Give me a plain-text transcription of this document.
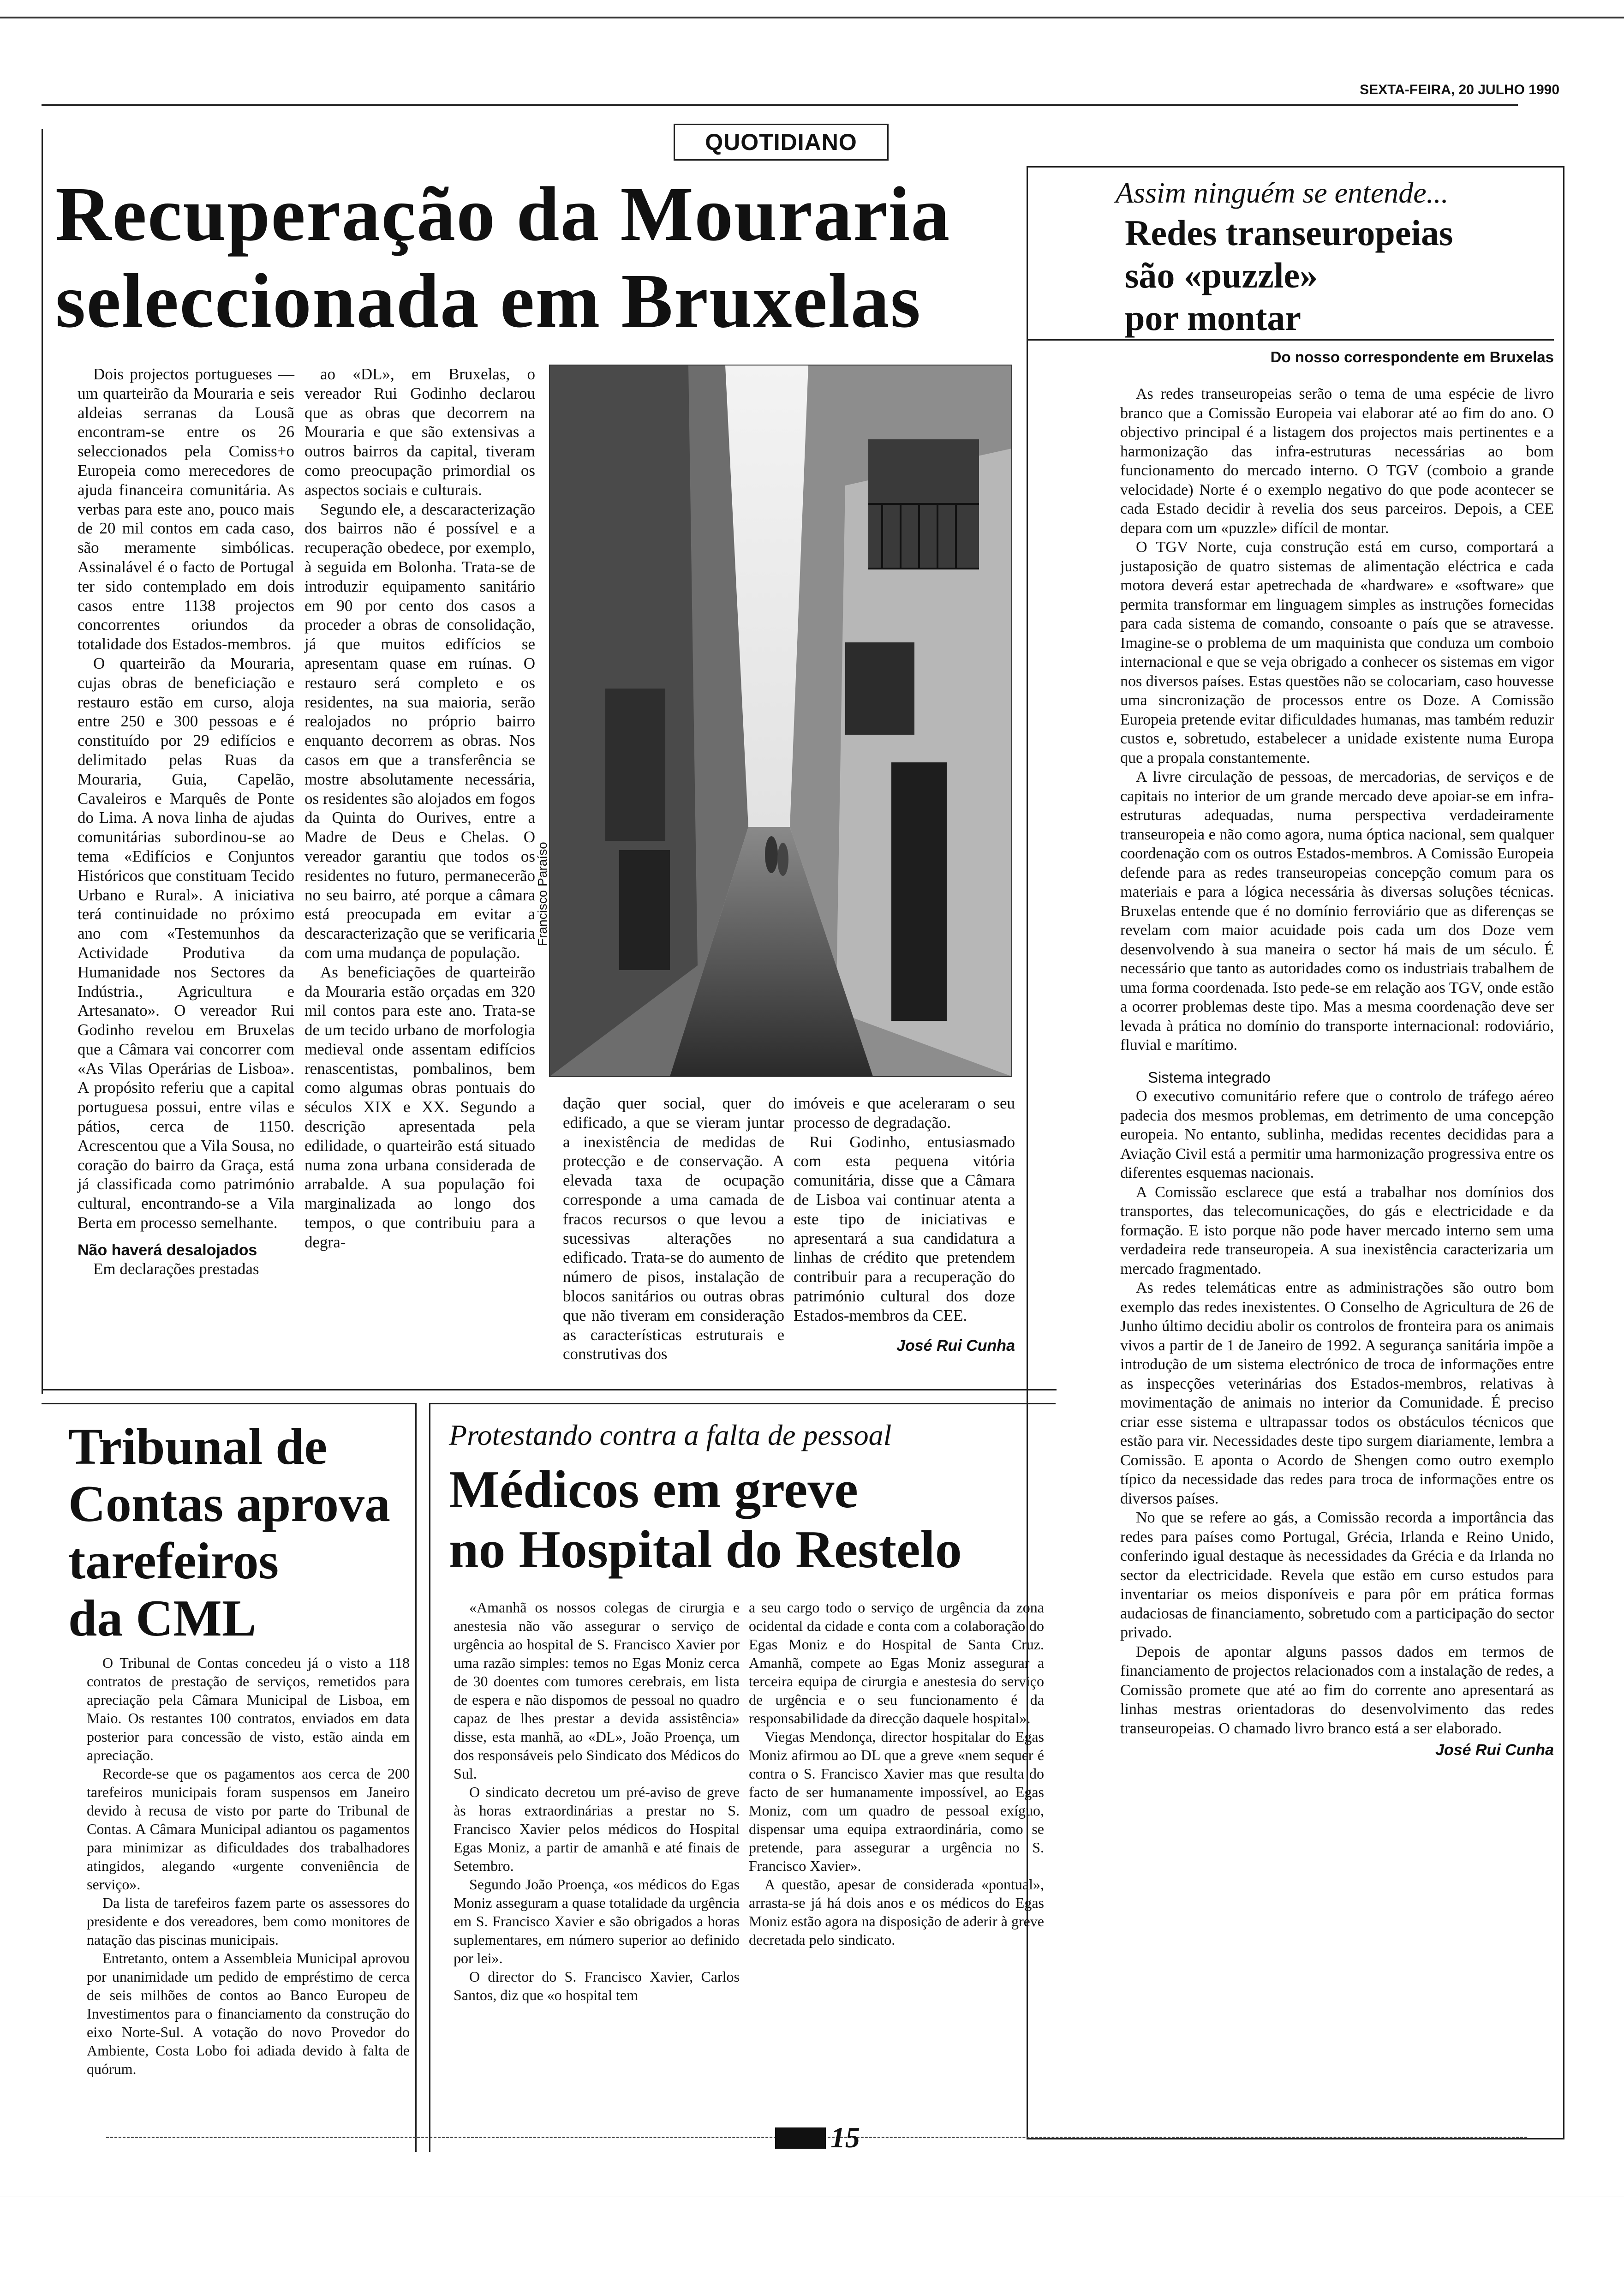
SEXTA-FEIRA, 20 JULHO 1990
QUOTIDIANO
Recuperação da Mouraria
seleccionada em Bruxelas

Dois projectos portugueses — um quarteirão da Mouraria e seis aldeias serranas da Lousã encontram-se entre os 26 seleccionados pela Comiss+o Europeia como merecedores de ajuda financeira comunitária. As verbas para este ano, pouco mais de 20 mil contos em cada caso, são meramente simbólicas. Assinalável é o facto de Portugal ter sido contemplado em dois casos entre 1138 projectos concorrentes oriundos da totalidade dos Estados-membros.

O quarteirão da Mouraria, cujas obras de beneficiação e restauro estão em curso, aloja entre 250 e 300 pessoas e é constituído por 29 edifícios e delimitado pelas Ruas da Mouraria, Guia, Capelão, Cavaleiros e Marquês de Ponte do Lima. A nova linha de ajudas comunitárias subordinou-se ao tema «Edifícios e Conjuntos Históricos que constituam Tecido Urbano e Rural». A iniciativa terá continuidade no próximo ano com «Testemunhos da Actividade Produtiva da Humanidade nos Sectores da Indústria., Agricultura e Artesanato». O vereador Rui Godinho revelou em Bruxelas que a Câmara vai concorrer com «As Vilas Operárias de Lisboa». A propósito referiu que a capital portuguesa possui, entre vilas e pátios, cerca de 1150. Acrescentou que a Vila Sousa, no coração do bairro da Graça, está já classificada como património cultural, encontrando-se a Vila Berta em processo semelhante.

Não haverá desalojados

Em declarações prestadas

ao «DL», em Bruxelas, o vereador Rui Godinho declarou que as obras que decorrem na Mouraria e que são extensivas a outros bairros da capital, tiveram como preocupação primordial os aspectos sociais e culturais.

Segundo ele, a descaracterização dos bairros não é possível e a recuperação obedece, por exemplo, à seguida em Bolonha. Trata-se de introduzir equipamento sanitário em 90 por cento dos casos a proceder a obras de consolidação, já que muitos edifícios se apresentam quase em ruínas. O restauro será completo e os residentes, na sua maioria, serão realojados no próprio bairro enquanto decorrem as obras. Nos casos em que a transferência se mostre absolutamente necessária, os residentes são alojados em fogos da Quinta do Ourives, entre a Madre de Deus e Chelas. O vereador garantiu que todos os residentes no futuro, permanecerão no seu bairro, até porque a câmara está preocupada em evitar a descaracterização que se verificaria com uma mudança de população.

As beneficiações de quarteirão da Mouraria estão orçadas em 320 mil contos para este ano. Trata-se de um tecido urbano de morfologia medieval onde assentam edifícios renascentistas, pombalinos, bem como algumas obras pontuais do séculos XIX e XX. Segundo a descrição apresentada pela edilidade, o quarteirão está situado numa zona urbana considerada de arrabalde. A sua população foi marginalizada ao longo dos tempos, o que contribuiu para a degra-

Francisco Paraíso

dação quer social, quer do edificado, a que se vieram juntar a inexistência de medidas de protecção e de conservação. A elevada taxa de ocupação corresponde a uma camada de fracos recursos o que levou a sucessivas alterações no edificado. Trata-se do aumento de número de pisos, instalação de blocos sanitários ou outras obras que não tiveram em consideração as características estruturais e construtivas dos

imóveis e que aceleraram o seu processo de degradação.

Rui Godinho, entusiasmado com esta pequena vitória comunitária, disse que a Câmara de Lisboa vai continuar atenta a este tipo de iniciativas e apresentará a sua candidatura a linhas de crédito que pretendem contribuir para a recuperação do património cultural dos doze Estados-membros da CEE.

José Rui Cunha
Assim ninguém se entende...
Redes transeuropeias
são «puzzle»
por montar
Do nosso correspondente em Bruxelas

As redes transeuropeias serão o tema de uma espécie de livro branco que a Comissão Europeia vai elaborar até ao fim do ano. O objectivo principal é a listagem dos projectos mais pertinentes e a harmonização das infra-estruturas necessárias ao bom funcionamento do mercado interno. O TGV (comboio a grande velocidade) Norte é o exemplo negativo do que pode acontecer se cada Estado decidir à revelia dos seus parceiros. Depois, a CEE depara com um «puzzle» difícil de montar.

O TGV Norte, cuja construção está em curso, comportará a justaposição de quatro sistemas de alimentação eléctrica e cada motora deverá estar apetrechada de «hardware» e «software» que permita transformar em linguagem simples as instruções fornecidas para cada sistema de comando, consoante o país que se atravesse. Imagine-se o problema de um maquinista que conduza um comboio internacional e que se veja obrigado a conhecer os sistemas em vigor nos diversos países. Estas questões não se colocariam, caso houvesse uma sincronização de processos entre os Doze. A Comissão Europeia pretende evitar dificuldades humanas, mas também reduzir custos e, sobretudo, estabelecer a unidade existente numa Europa que a propala constantemente.

A livre circulação de pessoas, de mercadorias, de serviços e de capitais no interior de um grande mercado deve apoiar-se em infra-estruturas adequadas, numa perspectiva verdadeiramente transeuropeia e não como agora, numa óptica nacional, sem qualquer coordenação com os outros Estados-membros. A Comissão Europeia defende para as redes transeuropeias concepção comum para os materiais e para a lógica necessária às diversas soluções técnicas. Bruxelas entende que é no domínio ferroviário que as diferenças se revelam com maior acuidade pois cada um dos Doze vem desenvolvendo à sua maneira o sector há mais de um século. É necessário que tanto as autoridades como os industriais trabalhem de uma forma coordenada. Isto pede-se em relação aos TGV, onde estão a ocorrer problemas deste tipo. Mas a mesma coordenação deve ser levada à prática no domínio do transporte internacional: rodoviário, fluvial e marítimo.

Sistema integrado

O executivo comunitário refere que o controlo de tráfego aéreo padecia dos mesmos problemas, em detrimento de uma concepção europeia. No entanto, sublinha, medidas recentes decididas para a Aviação Civil está a permitir uma harmonização progressiva entre os diferentes esquemas nacionais.

A Comissão esclarece que está a trabalhar nos domínios dos transportes, das telecomunicações, do gás e electricidade e da formação. E isto porque não pode haver mercado interno sem uma verdadeira rede transeuropeia. A sua inexistência caracterizaria um mercado fragmentado.

As redes telemáticas entre as administrações são outro bom exemplo das redes inexistentes. O Conselho de Agricultura de 26 de Junho último decidiu abolir os controlos de fronteira para os animais vivos a partir de 1 de Janeiro de 1992. A segurança sanitária impõe a introdução de um sistema electrónico de troca de informações entre as inspecções veterinárias dos Estados-membros, relativas à movimentação de animais no interior da Comunidade. É preciso criar esse sistema e ultrapassar todos os obstáculos técnicos que estão para vir. Necessidades deste tipo surgem diariamente, lembra a Comissão. E aponta o Acordo de Shengen como outro exemplo típico da necessidade das redes para troca de informações entre os diversos países.

No que se refere ao gás, a Comissão recorda a importância das redes para países como Portugal, Grécia, Irlanda e Reino Unido, conferindo igual destaque às necessidades da Grécia e da Irlanda no sector da electricidade. Revela que estão em curso estudos para inventariar os meios disponíveis e para pôr em prática formas audaciosas de financiamento, sobretudo com a participação do sector privado.

Depois de apontar alguns passos dados em termos de financiamento de projectos relacionados com a instalação de redes, a Comissão promete que até ao fim do corrente ano apresentará as linhas mestras orientadoras do desenvolvimento das redes transeuropeias. O chamado livro branco está a ser elaborado.

José Rui Cunha
Tribunal de
Contas aprova
tarefeiros
da CML

O Tribunal de Contas concedeu já o visto a 118 contratos de prestação de serviços, remetidos para apreciação pela Câmara Municipal de Lisboa, em Maio. Os restantes 100 contratos, enviados em data posterior para concessão de visto, estão ainda em apreciação.

Recorde-se que os pagamentos aos cerca de 200 tarefeiros municipais foram suspensos em Janeiro devido à recusa de visto por parte do Tribunal de Contas. A Câmara Municipal adiantou os pagamentos para minimizar as dificuldades dos trabalhadores atingidos, alegando «urgente conveniência de serviço».

Da lista de tarefeiros fazem parte os assessores do presidente e dos vereadores, bem como monitores de natação das piscinas municipais.

Entretanto, ontem a Assembleia Municipal aprovou por unanimidade um pedido de empréstimo de cerca de seis milhões de contos ao Banco Europeu de Investimentos para o financiamento da construção do eixo Norte-Sul. A votação do novo Provedor do Ambiente, Costa Lobo foi adiada devido à falta de quórum.

Protestando contra a falta de pessoal
Médicos em greve
no Hospital do Restelo

«Amanhã os nossos colegas de cirurgia e anestesia não vão assegurar o serviço de urgência ao hospital de S. Francisco Xavier por uma razão simples: temos no Egas Moniz cerca de 30 doentes com tumores cerebrais, em lista de espera e não dispomos de pessoal no quadro capaz de lhes prestar a devida assistência» disse, esta manhã, ao «DL», João Proença, um dos responsáveis pelo Sindicato dos Médicos do Sul.

O sindicato decretou um pré-aviso de greve às horas extraordinárias a prestar no S. Francisco Xavier pelos médicos do Hospital Egas Moniz, a partir de amanhã e até finais de Setembro.

Segundo João Proença, «os médicos do Egas Moniz asseguram a quase totalidade da urgência em S. Francisco Xavier e são obrigados a horas suplementares, em número superior ao definido por lei».

O director do S. Francisco Xavier, Carlos Santos, diz que «o hospital tem

a seu cargo todo o serviço de urgência da zona ocidental da cidade e conta com a colaboração do Egas Moniz e do Hospital de Santa Cruz. Amanhã, compete ao Egas Moniz assegurar a terceira equipa de cirurgia e anestesia do serviço de urgência e o seu funcionamento é da responsabilidade da direcção daquele hospital».

Viegas Mendonça, director hospitalar do Egas Moniz afirmou ao DL que a greve «nem sequer é contra o S. Francisco Xavier mas que resulta do facto de ser humanamente impossível, ao Egas Moniz, com um quadro de pessoal exíguo, dispensar uma equipa extraordinária, como se pretende, para assegurar a urgência no S. Francisco Xavier».

A questão, apesar de considerada «pontual», arrasta-se já há dois anos e os médicos do Egas Moniz estão agora na disposição de aderir à greve decretada pelo sindicato.

15
